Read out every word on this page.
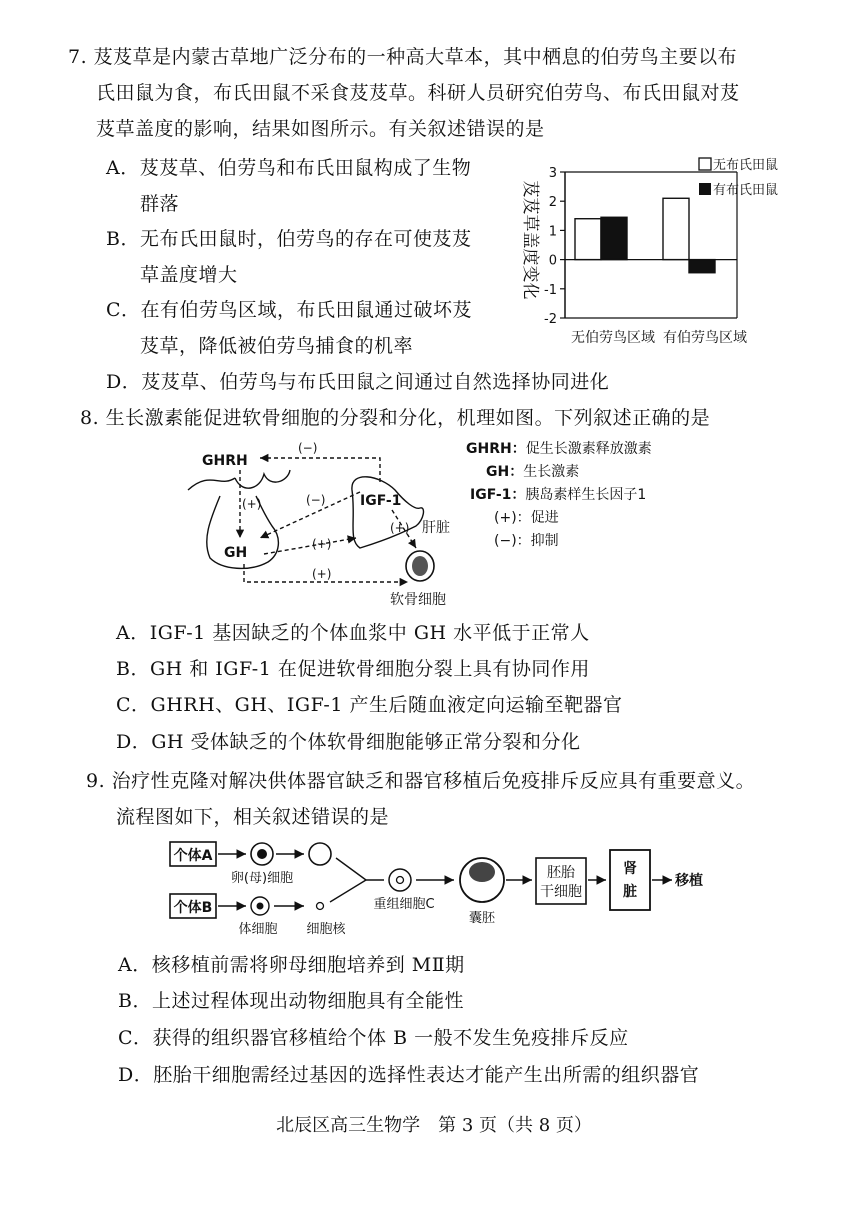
7. 芨芨草是内蒙古草地广泛分布的一种高大草本，其中栖息的伯劳鸟主要以布
氏田鼠为食，布氏田鼠不采食芨芨草。科研人员研究伯劳鸟、布氏田鼠对芨
芨草盖度的影响，结果如图所示。有关叙述错误的是
A．芨芨草、伯劳鸟和布氏田鼠构成了生物
群落
B．无布氏田鼠时，伯劳鸟的存在可使芨芨
草盖度增大
C．在有伯劳鸟区域，布氏田鼠通过破坏芨
芨草，降低被伯劳鸟捕食的机率
D．芨芨草、伯劳鸟与布氏田鼠之间通过自然选择协同进化
芨芨草盖度变化
-2
-1
0
1
2
3
无伯劳鸟区域 有伯劳鸟区域
无布氏田鼠
有布氏田鼠
8. 生长激素能促进软骨细胞的分裂和分化，机理如图。下列叙述正确的是
GHRH
GH
IGF-1
肝脏
软骨细胞
(−)
(+)	(−)
(+)
(+)
(+)
GHRH：促生长激素释放激素
GH：生长激素
IGF-1：胰岛素样生长因子1
(+)：促进
(−)：抑制
A．IGF-1 基因缺乏的个体血浆中 GH 水平低于正常人
B．GH 和 IGF-1 在促进软骨细胞分裂上具有协同作用
C．GHRH、GH、IGF-1 产生后随血液定向运输至靶器官
D．GH 受体缺乏的个体软骨细胞能够正常分裂和分化
9. 治疗性克隆对解决供体器官缺乏和器官移植后免疫排斥反应具有重要意义。
流程图如下，相关叙述错误的是
个体A
个体B
卵(母)细胞
体细胞 细胞核
重组细胞C
囊胚
胚胎
干细胞
肾
脏
移植
A．核移植前需将卵母细胞培养到 MⅡ期
B．上述过程体现出动物细胞具有全能性
C．获得的组织器官移植给个体 B 一般不发生免疫排斥反应
D．胚胎干细胞需经过基因的选择性表达才能产生出所需的组织器官
北辰区高三生物学　第 3 页（共 8 页）
